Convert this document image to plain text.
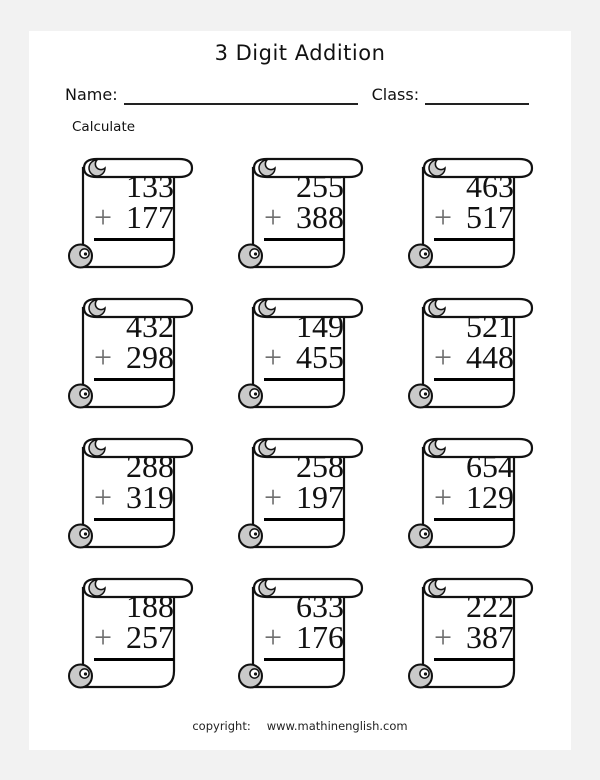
3 Digit Addition
Name:	Class:
Calculate
133
+ 177
255
+ 388
463
+ 517
432
+ 298
149
+ 455
521
+ 448
288
+ 319
258
+ 197
654
+ 129
188
+ 257
633
+ 176
222
+ 387
copyright: www.mathinenglish.com
